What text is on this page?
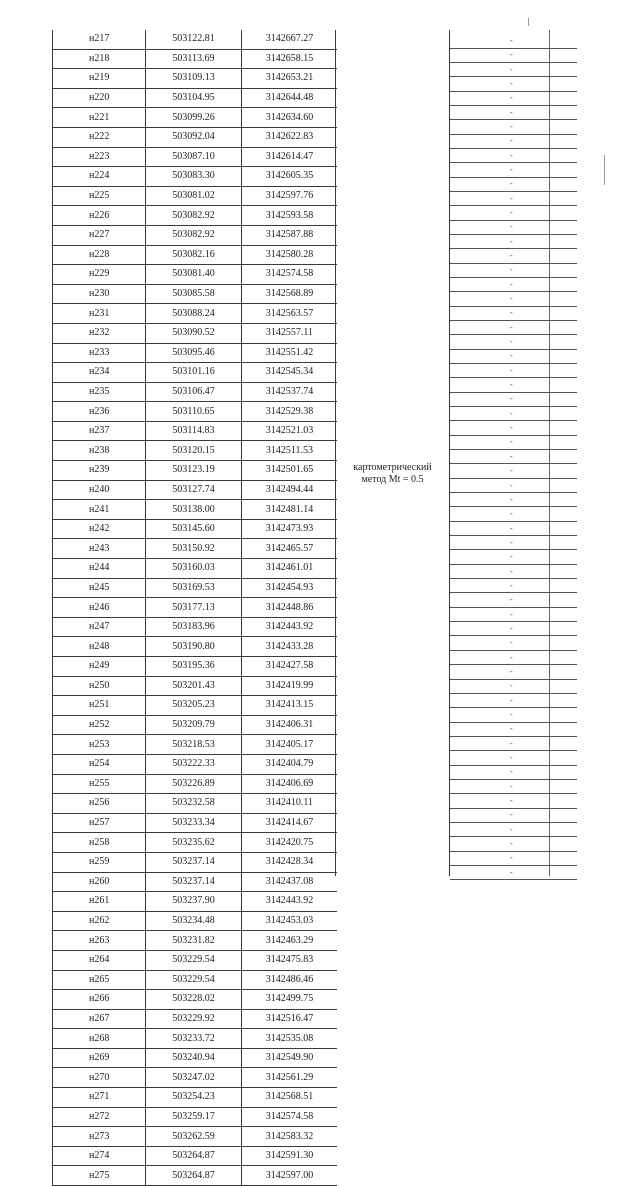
н217	503122.81	3142667.27
н218	503113.69	3142658.15
н219	503109.13	3142653.21
н220	503104.95	3142644.48
н221	503099.26	3142634.60
н222	503092.04	3142622.83
н223	503087.10	3142614.47
н224	503083.30	3142605.35
н225	503081.02	3142597.76
н226	503082.92	3142593.58
н227	503082.92	3142587.88
н228	503082.16	3142580.28
н229	503081.40	3142574.58
н230	503085.58	3142568.89
н231	503088.24	3142563.57
н232	503090.52	3142557.11
н233	503095.46	3142551.42
н234	503101.16	3142545.34
н235	503106.47	3142537.74
н236	503110.65	3142529.38
н237	503114.83	3142521.03
н238	503120.15	3142511.53
н239	503123.19	3142501.65
н240	503127.74	3142494.44
н241	503138.00	3142481.14
н242	503145.60	3142473.93
н243	503150.92	3142465.57
н244	503160.03	3142461.01
н245	503169.53	3142454.93
н246	503177.13	3142448.86
н247	503183.96	3142443.92
н248	503190.80	3142433.28
н249	503195.36	3142427.58
н250	503201.43	3142419.99
н251	503205.23	3142413.15
н252	503209.79	3142406.31
н253	503218.53	3142405.17
н254	503222.33	3142404.79
н255	503226.89	3142406.69
н256	503232.58	3142410.11
н257	503233.34	3142414.67
н258	503235.62	3142420.75
н259	503237.14	3142428.34
н260	503237.14	3142437.08
н261	503237.90	3142443.92
н262	503234.48	3142453.03
н263	503231.82	3142463.29
н264	503229.54	3142475.83
н265	503229.54	3142486.46
н266	503228.02	3142499.75
н267	503229.92	3142516.47
н268	503233.72	3142535.08
н269	503240.94	3142549.90
н270	503247.02	3142561.29
н271	503254.23	3142568.51
н272	503259.17	3142574.58
н273	503262.59	3142583.32
н274	503264.87	3142591.30
н275	503264.87	3142597.00
картометрический
метод Mt = 0.5
-
-
-
-
-
-
-
-
-
-
-
-
-
-
-
-
-
-
-
-
-
-
-
-
-
-
-
-
-
-
-
-
-
-
-
-
-
-
-
-
-
-
-
-
-
-
-
-
-
-
-
-
-
-
-
-
-
-
-
